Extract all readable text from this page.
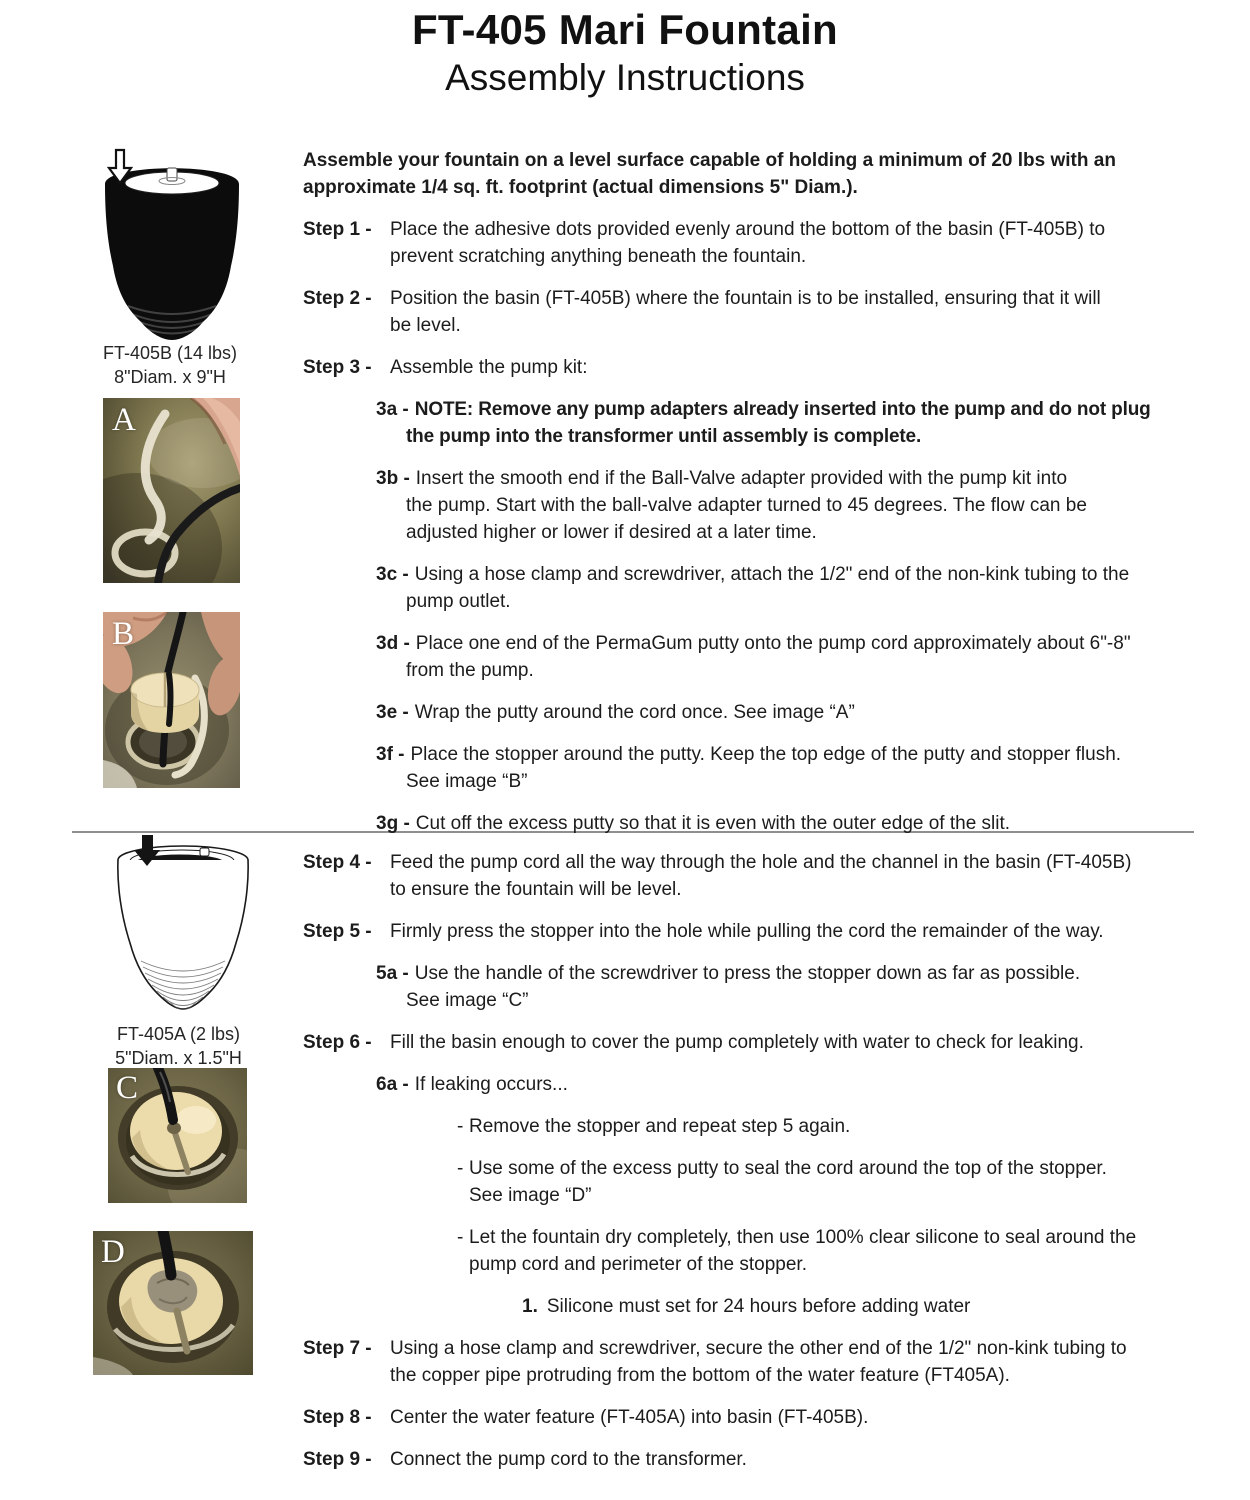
FT-405 Mari Fountain
Assembly Instructions
FT-405B (14 lbs)
8"Diam. x 9"H
A
B
FT-405A (2 lbs)
5"Diam. x 1.5"H
C
D
Assemble your fountain on a level surface capable of holding a minimum of 20 lbs with an
approximate 1/4 sq. ft. footprint (actual dimensions 5" Diam.).
Step 1 - Place the adhesive dots provided evenly around the bottom of the basin (FT-405B) to
prevent scratching anything beneath the fountain.
Step 2 - Position the basin (FT-405B) where the fountain is to be installed, ensuring that it will
be level.
Step 3 - Assemble the pump kit:
3a - NOTE: Remove any pump adapters already inserted into the pump and do not plug
the pump into the transformer until assembly is complete.
3b - Insert the smooth end if the Ball-Valve adapter provided with the pump kit into
the pump. Start with the ball-valve adapter turned to 45 degrees. The flow can be
adjusted higher or lower if desired at a later time.
3c - Using a hose clamp and screwdriver, attach the 1/2" end of the non-kink tubing to the
pump outlet.
3d - Place one end of the PermaGum putty onto the pump cord approximately about 6"-8"
from the pump.
3e - Wrap the putty around the cord once. See image “A”
3f - Place the stopper around the putty. Keep the top edge of the putty and stopper flush.
See image “B”
3g - Cut off the excess putty so that it is even with the outer edge of the slit.
Step 4 - Feed the pump cord all the way through the hole and the channel in the basin (FT-405B)
to ensure the fountain will be level.
Step 5 - Firmly press the stopper into the hole while pulling the cord the remainder of the way.
5a - Use the handle of the screwdriver to press the stopper down as far as possible.
See image “C”
Step 6 - Fill the basin enough to cover the pump completely with water to check for leaking.
6a - If leaking occurs...
- Remove the stopper and repeat step 5 again.
- Use some of the excess putty to seal the cord around the top of the stopper.
See image “D”
- Let the fountain dry completely, then use 100% clear silicone to seal around the
pump cord and perimeter of the stopper.
1. Silicone must set for 24 hours before adding water
Step 7 - Using a hose clamp and screwdriver, secure the other end of the 1/2" non-kink tubing to
the copper pipe protruding from the bottom of the water feature (FT405A).
Step 8 - Center the water feature (FT-405A) into basin (FT-405B).
Step 9 - Connect the pump cord to the transformer.
